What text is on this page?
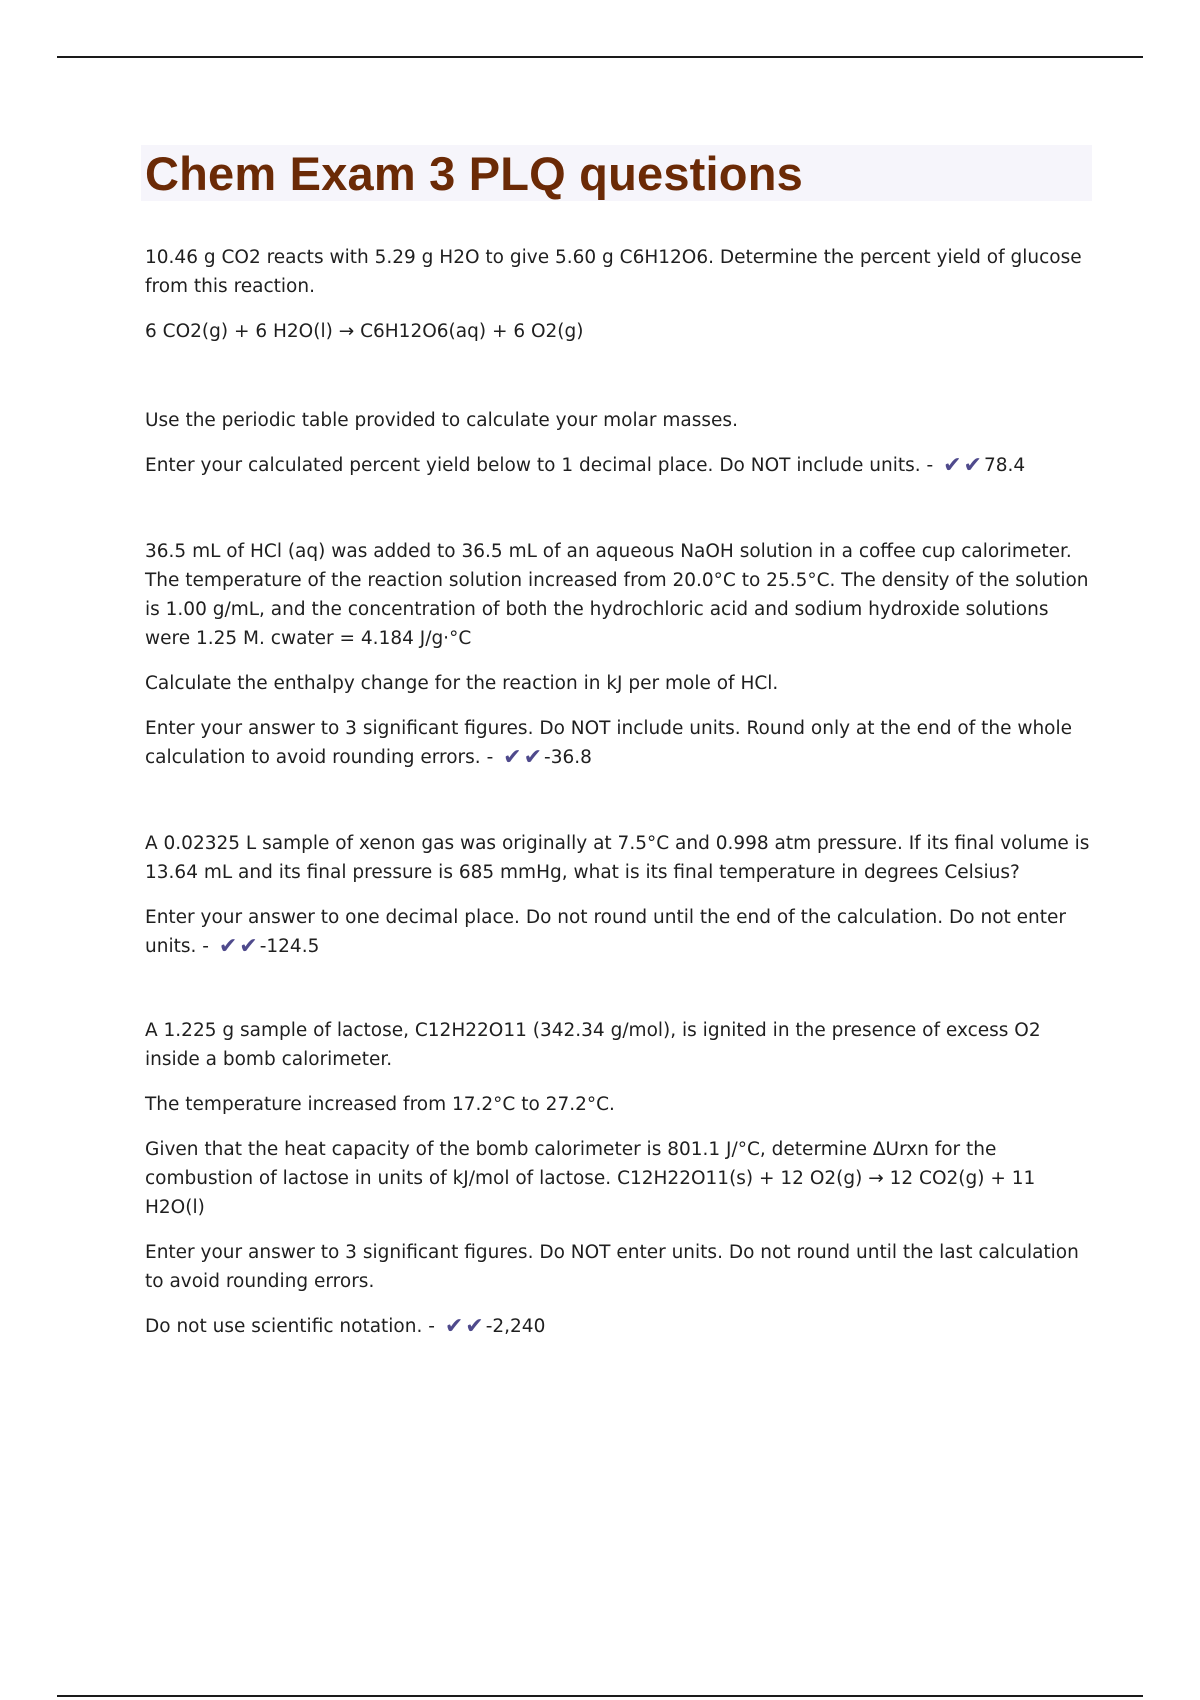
Chem Exam 3 PLQ questions

10.46 g CO2 reacts with 5.29 g H2O to give 5.60 g C6H12O6. Determine the percent yield of glucose from this reaction.

6 CO2(g) + 6 H2O(l) → C6H12O6(aq) + 6 O2(g)

Use the periodic table provided to calculate your molar masses.

Enter your calculated percent yield below to 1 decimal place. Do NOT include units. - ✔✔ 78.4

36.5 mL of HCl (aq) was added to 36.5 mL of an aqueous NaOH solution in a coffee cup calorimeter. The temperature of the reaction solution increased from 20.0°C to 25.5°C. The density of the solution is 1.00 g/mL, and the concentration of both the hydrochloric acid and sodium hydroxide solutions were 1.25 M. cwater = 4.184 J/g·°C

Calculate the enthalpy change for the reaction in kJ per mole of HCl.

Enter your answer to 3 significant figures. Do NOT include units. Round only at the end of the whole calculation to avoid rounding errors. - ✔✔ -36.8

A 0.02325 L sample of xenon gas was originally at 7.5°C and 0.998 atm pressure. If its final volume is 13.64 mL and its final pressure is 685 mmHg, what is its final temperature in degrees Celsius?

Enter your answer to one decimal place. Do not round until the end of the calculation. Do not enter units. - ✔✔ -124.5

A 1.225 g sample of lactose, C12H22O11 (342.34 g/mol), is ignited in the presence of excess O2 inside a bomb calorimeter.

The temperature increased from 17.2°C to 27.2°C.

Given that the heat capacity of the bomb calorimeter is 801.1 J/°C, determine ΔUrxn for the combustion of lactose in units of kJ/mol of lactose. C12H22O11(s) + 12 O2(g) → 12 CO2(g) + 11 H2O(l)

Enter your answer to 3 significant figures. Do NOT enter units. Do not round until the last calculation to avoid rounding errors.

Do not use scientific notation. - ✔✔ -2,240
